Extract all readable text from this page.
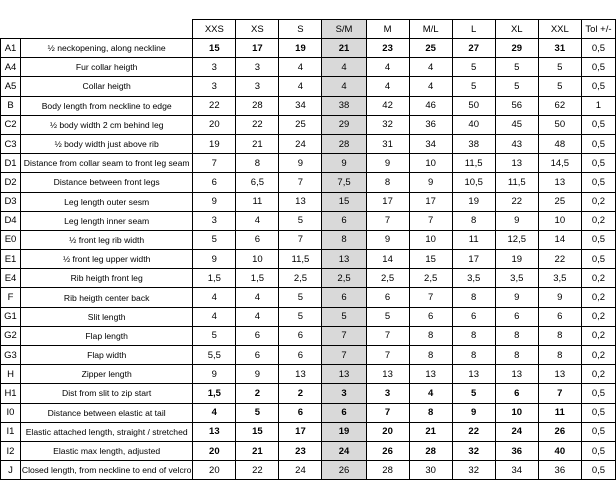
		XXS	XS	S	S/M	M	M/L	L	XL	XXL	Tol +/-
A1	½ neckopening, along neckline	15	17	19	21	23	25	27	29	31	0,5
A4	Fur collar heigth	3	3	4	4	4	4	5	5	5	0,5
A5	Collar heigth	3	3	4	4	4	4	5	5	5	0,5
B	Body length from neckline to edge	22	28	34	38	42	46	50	56	62	1
C2	½ body width 2 cm behind leg	20	22	25	29	32	36	40	45	50	0,5
C3	½ body width just above rib	19	21	24	28	31	34	38	43	48	0,5
D1	Distance from collar seam to front leg seam	7	8	9	9	9	10	11,5	13	14,5	0,5
D2	Distance between front legs	6	6,5	7	7,5	8	9	10,5	11,5	13	0,5
D3	Leg length outer sesm	9	11	13	15	17	17	19	22	25	0,2
D4	Leg length inner seam	3	4	5	6	7	7	8	9	10	0,2
E0	½ front leg rib width	5	6	7	8	9	10	11	12,5	14	0,5
E1	½ front leg upper width	9	10	11,5	13	14	15	17	19	22	0,5
E4	Rib heigth front leg	1,5	1,5	2,5	2,5	2,5	2,5	3,5	3,5	3,5	0,2
F	Rib heigth center back	4	4	5	6	6	7	8	9	9	0,2
G1	Slit length	4	4	5	5	5	6	6	6	6	0,2
G2	Flap length	5	6	6	7	7	8	8	8	8	0,2
G3	Flap width	5,5	6	6	7	7	8	8	8	8	0,2
H	Zipper length	9	9	13	13	13	13	13	13	13	0,2
H1	Dist from slit to zip start	1,5	2	2	3	3	4	5	6	7	0,5
I0	Distance between elastic at tail	4	5	6	6	7	8	9	10	11	0,5
I1	Elastic attached length, straight / stretched	13	15	17	19	20	21	22	24	26	0,5
I2	Elastic max length, adjusted	20	21	23	24	26	28	32	36	40	0,5
J	Closed length, from neckline to end of velcro	20	22	24	26	28	30	32	34	36	0,5
